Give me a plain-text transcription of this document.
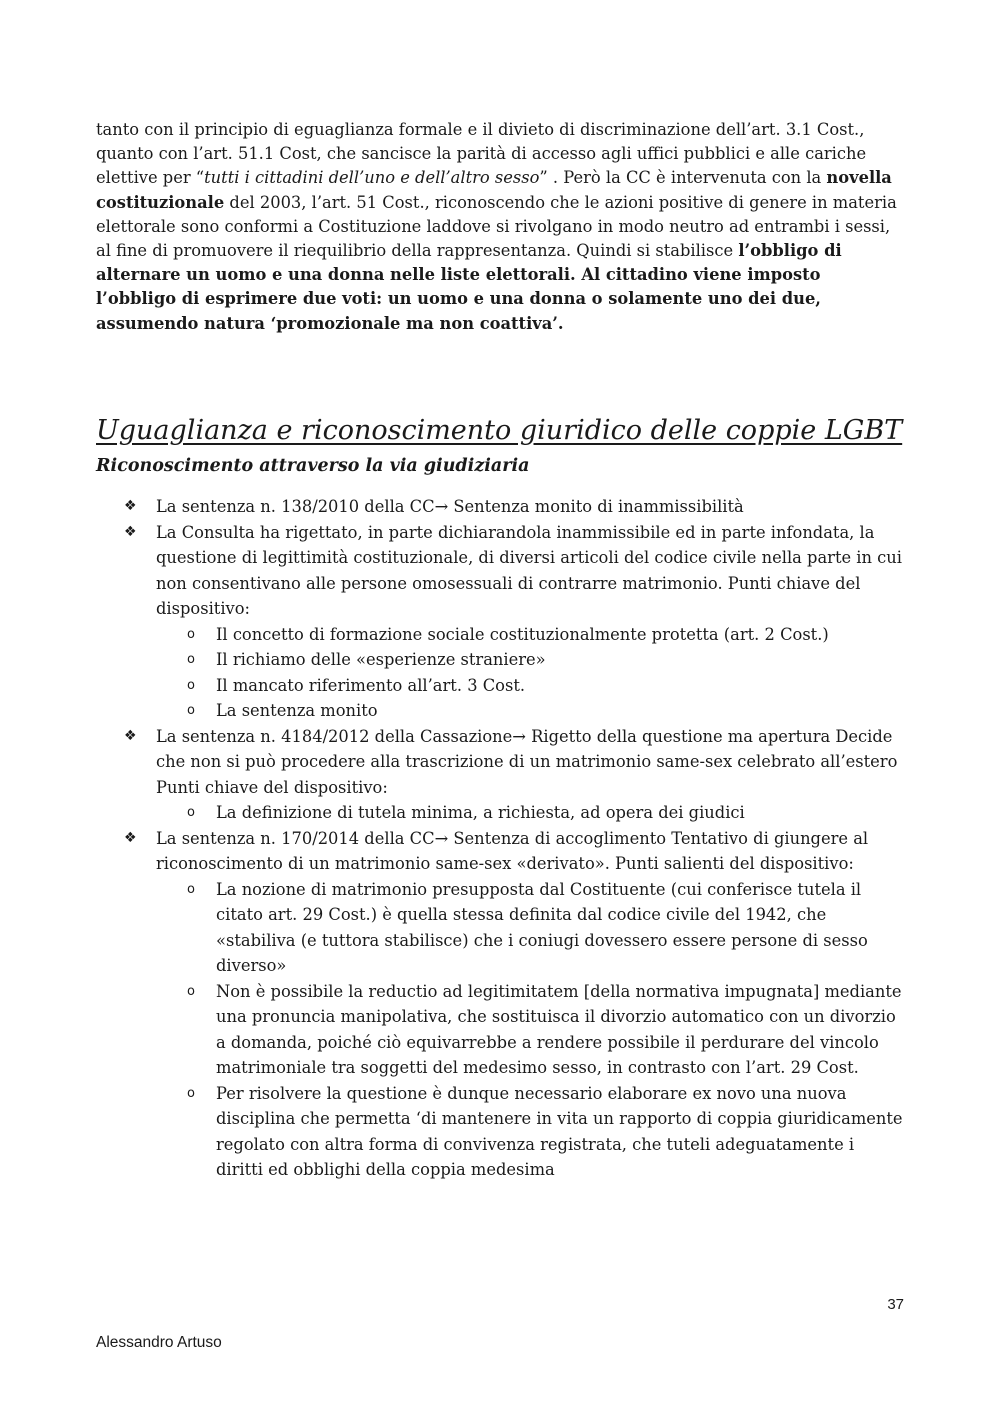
tanto con il principio di eguaglianza formale e il divieto di discriminazione dell’art. 3.1 Cost., quanto con l’art. 51.1 Cost, che sancisce la parità di accesso agli uffici pubblici e alle cariche elettive per “tutti i cittadini dell’uno e dell’altro sesso” . Però la CC è intervenuta con la novella costituzionale del 2003, l’art. 51 Cost., riconoscendo che le azioni positive di genere in materia elettorale sono conformi a Costituzione laddove si rivolgano in modo neutro ad entrambi i sessi, al fine di promuovere il riequilibrio della rappresentanza. Quindi si stabilisce l’obbligo di alternare un uomo e una donna nelle liste elettorali. Al cittadino viene imposto l’obbligo di esprimere due voti: un uomo e una donna o solamente uno dei due, assumendo natura ‘promozionale ma non coattiva’.

Uguaglianza e riconoscimento giuridico delle coppie LGBT
Riconoscimento attraverso la via giudiziaria
❖ La sentenza n. 138/2010 della CC→ Sentenza monito di inammissibilità
❖ La Consulta ha rigettato, in parte dichiarandola inammissibile ed in parte infondata, la questione di legittimità costituzionale, di diversi articoli del codice civile nella parte in cui non consentivano alle persone omosessuali di contrarre matrimonio. Punti chiave del dispositivo:
o Il concetto di formazione sociale costituzionalmente protetta (art. 2 Cost.)
o Il richiamo delle «esperienze straniere»
o Il mancato riferimento all’art. 3 Cost.
o La sentenza monito
❖ La sentenza n. 4184/2012 della Cassazione→ Rigetto della questione ma apertura Decide che non si può procedere alla trascrizione di un matrimonio same-sex celebrato all’estero Punti chiave del dispositivo:
o La definizione di tutela minima, a richiesta, ad opera dei giudici
❖ La sentenza n. 170/2014 della CC→ Sentenza di accoglimento Tentativo di giungere al riconoscimento di un matrimonio same-sex «derivato». Punti salienti del dispositivo:
o La nozione di matrimonio presupposta dal Costituente (cui conferisce tutela il citato art. 29 Cost.) è quella stessa definita dal codice civile del 1942, che «stabiliva (e tuttora stabilisce) che i coniugi dovessero essere persone di sesso diverso»
o Non è possibile la reductio ad legitimitatem [della normativa impugnata] mediante una pronuncia manipolativa, che sostituisca il divorzio automatico con un divorzio a domanda, poiché ciò equivarrebbe a rendere possibile il perdurare del vincolo matrimoniale tra soggetti del medesimo sesso, in contrasto con l’art. 29 Cost.
o Per risolvere la questione è dunque necessario elaborare ex novo una nuova disciplina che permetta ‘di mantenere in vita un rapporto di coppia giuridicamente regolato con altra forma di convivenza registrata, che tuteli adeguatamente i diritti ed obblighi della coppia medesima
37
Alessandro Artuso
